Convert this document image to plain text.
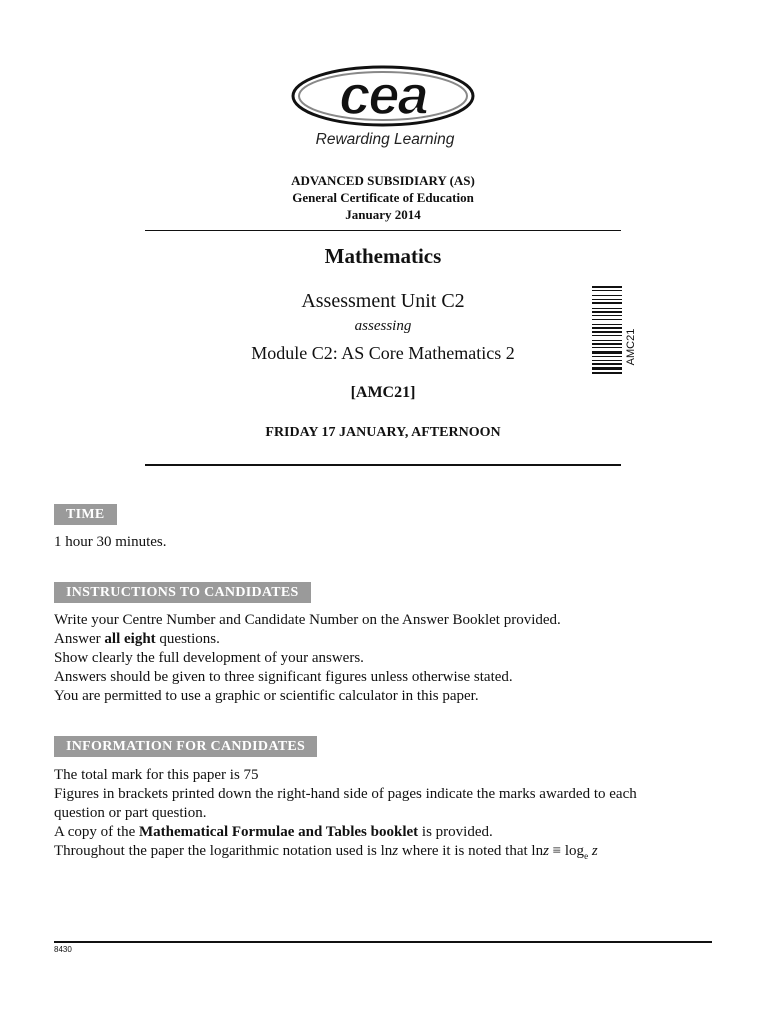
cea
Rewarding Learning
ADVANCED SUBSIDIARY (AS)
General Certificate of Education
January 2014
Mathematics
Assessment Unit C2
assessing
Module C2: AS Core Mathematics 2
[AMC21]
FRIDAY 17 JANUARY, AFTERNOON
AMC21
TIME
1 hour 30 minutes.
INSTRUCTIONS TO CANDIDATES
Write your Centre Number and Candidate Number on the Answer Booklet provided.
Answer all eight questions.
Show clearly the full development of your answers.
Answers should be given to three significant figures unless otherwise stated.
You are permitted to use a graphic or scientific calculator in this paper.
INFORMATION FOR CANDIDATES
The total mark for this paper is 75
Figures in brackets printed down the right-hand side of pages indicate the marks awarded to each
question or part question.
A copy of the Mathematical Formulae and Tables booklet is provided.
Throughout the paper the logarithmic notation used is lnz where it is noted that $\ln z \equiv \log_e z$
8430
